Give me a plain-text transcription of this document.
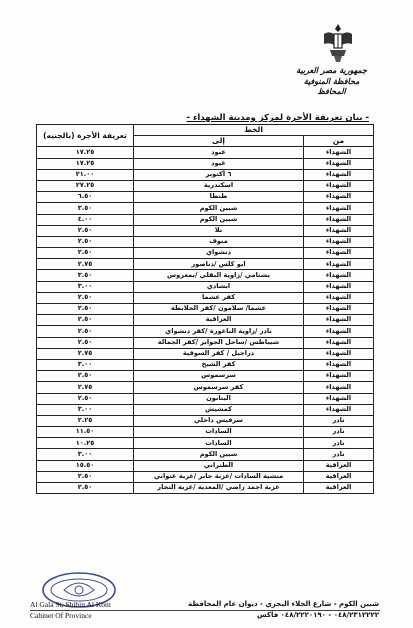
جمهورية مصر العربية
محافظة المنوفية
المحافظ
- بيان تعريفة الأجرة لمركز ومدينة الشهداء -
الخط		تعريفة الأجرة (بالجنيه)
من	إلى	
الشهداء	عبود	١٧.٢٥
الشهداء	عبود	١٧.٢٥
الشهداء	٦ أكتوبر	٢١.٠٠
الشهداء	اسكندرية	٢٧.٢٥
الشهداء	طنطا	٦.٥٠
الشهداء	شبين الكوم	٣.٥٠
الشهداء	شبين الكوم	٤.٠٠
الشهداء	تلا	٢.٥٠
الشهداء	منوف	٢.٥٠
الشهداء	دنشواي	٢.٥٠
الشهداء	ابو كلس /دناصور	٢.٧٥
الشهداء	بشتامي /زاوية البقلي /بمعروس	٣.٥٠
الشهداء	ابشادي	٣.٠٠
الشهداء	كفر عشما	٢.٥٠
الشهداء	عشما/ سلامون /كفر الجلابطة	٢.٥٠
الشهداء	العراقية	٢.٥٠
الشهداء	نادر /زاوية الناعورة /كفر دنشواي	٢.٥٠
الشهداء	شبياطس /ساحل الجوابر /كفر الجمالة	٢.٥٠
الشهداء	دراجيل / كفر السوقية	٢.٧٥
الشهداء	كفر الشيخ	٣.٠٠
الشهداء	سرسموس	٢.٥٠
الشهداء	كفر سرسموس	٢.٧٥
الشهداء	البتانون	٢.٥٠
الشهداء	كمشيش	٣.٠٠
نادر	سرفيس داخلي	٢.٢٥
نادر	السادات	١١.٥٠
نادر	السادات	١٠.٢٥
نادر	شبين الكوم	٣.٠٠
العراقية	الطنراني	١٥.٥٠
العراقية	منشية السادات /عزبة جابر /عزبة عتواني	٢.٥٠
العراقية	عزبة احمد راضي /المعدية /عزبة النجار	٢.٥٠
Al Gala St, Shibin Al Kom
Cabinet Of Province
شبين الكوم - شارع الجلاء البحري - ديوان عام المحافظة
٠٤٨/٢٣١٢٢٢٢ - ٠٤٨/٢٢٢٠١٩٠ فاكس
